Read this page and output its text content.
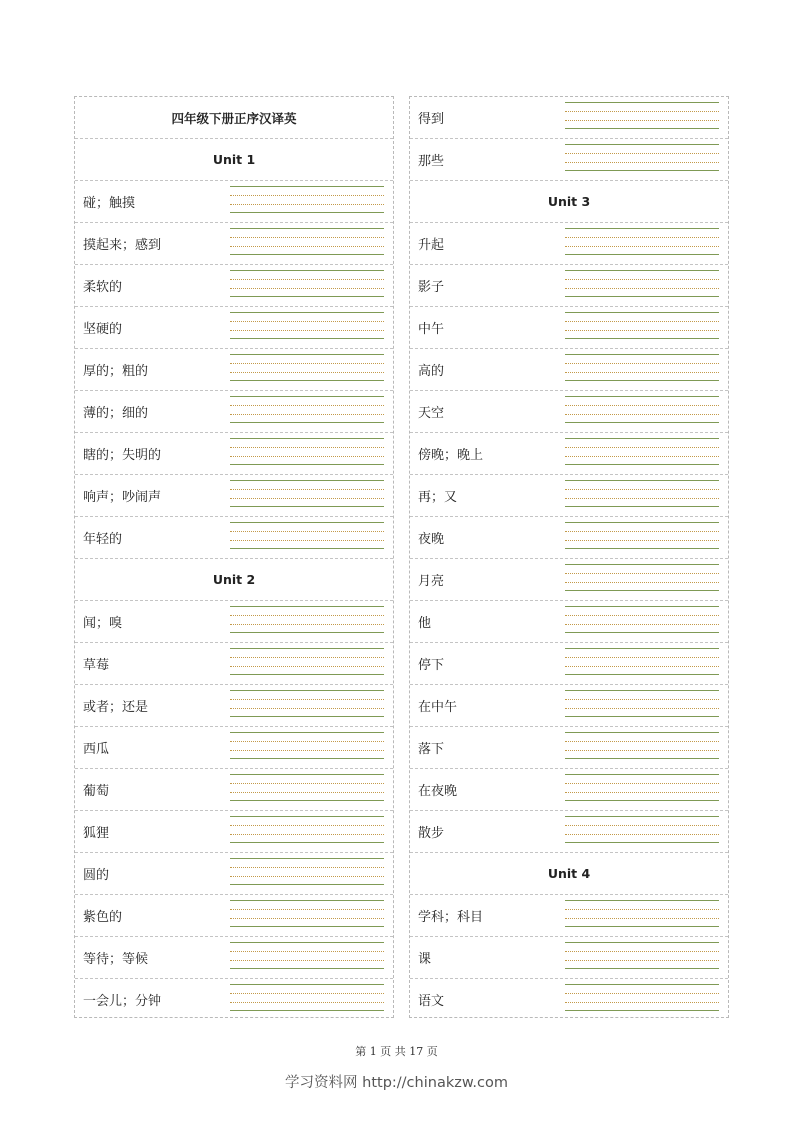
四年级下册正序汉译英
Unit 1
碰；触摸
摸起来；感到
柔软的
坚硬的
厚的；粗的
薄的；细的
瞎的；失明的
响声；吵闹声
年轻的
Unit 2
闻；嗅
草莓
或者；还是
西瓜
葡萄
狐狸
圆的
紫色的
等待；等候
一会儿；分钟
得到
那些
Unit 3
升起
影子
中午
高的
天空
傍晚；晚上
再；又
夜晚
月亮
他
停下
在中午
落下
在夜晚
散步
Unit 4
学科；科目
课
语文
第 1 页 共 17 页
学习资料网 http://chinakzw.com
